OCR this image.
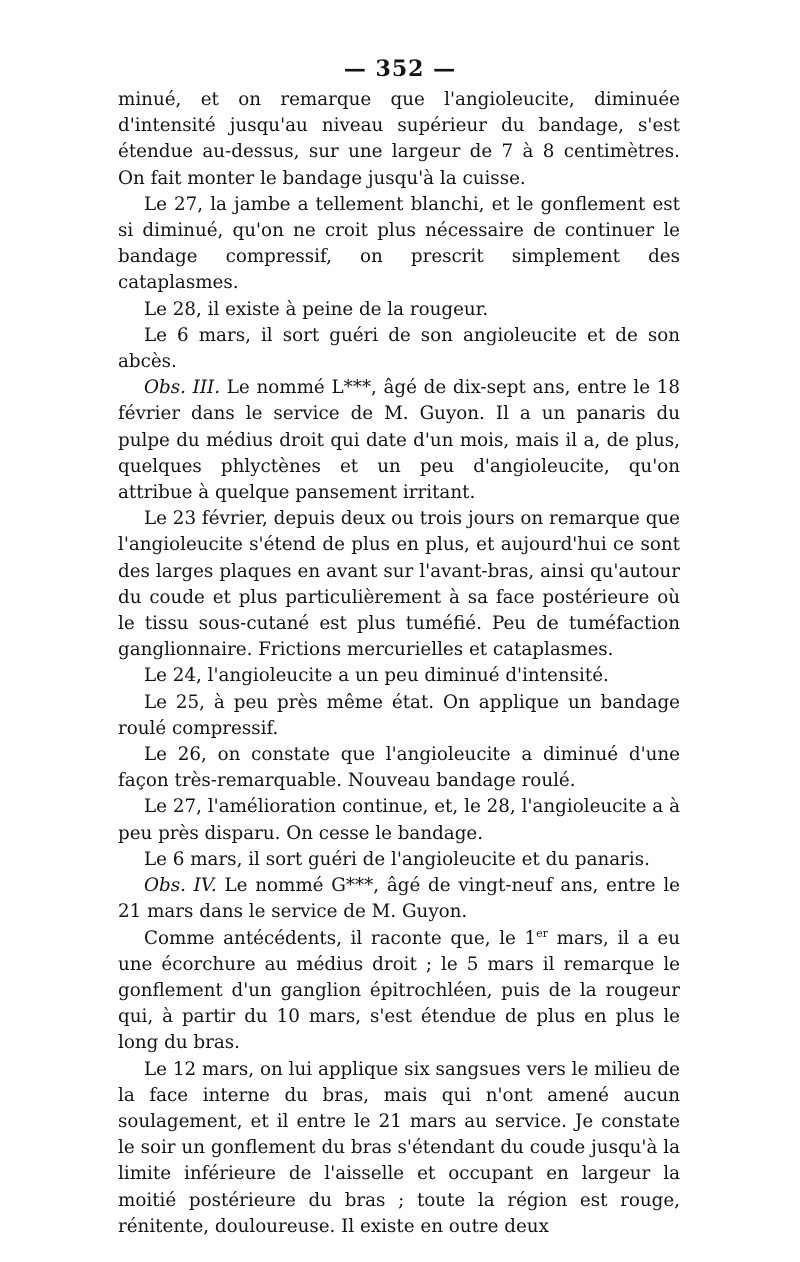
— 352 —

minué, et on remarque que l'angioleucite, diminuée d'intensité jusqu'au niveau supérieur du bandage, s'est étendue au-dessus, sur une largeur de 7 à 8 centimètres. On fait monter le bandage jusqu'à la cuisse.

Le 27, la jambe a tellement blanchi, et le gonflement est si diminué, qu'on ne croit plus nécessaire de continuer le bandage compressif, on prescrit simplement des cataplasmes.

Le 28, il existe à peine de la rougeur.

Le 6 mars, il sort guéri de son angioleucite et de son abcès.

Obs. III. Le nommé L***, âgé de dix-sept ans, entre le 18 février dans le service de M. Guyon. Il a un panaris du pulpe du médius droit qui date d'un mois, mais il a, de plus, quelques phlyctènes et un peu d'angioleucite, qu'on attribue à quelque pansement irritant.

Le 23 février, depuis deux ou trois jours on remarque que l'angioleucite s'étend de plus en plus, et aujourd'hui ce sont des larges plaques en avant sur l'avant-bras, ainsi qu'autour du coude et plus particulièrement à sa face postérieure où le tissu sous-cutané est plus tuméfié. Peu de tuméfaction ganglionnaire. Frictions mercurielles et cataplasmes.

Le 24, l'angioleucite a un peu diminué d'intensité.

Le 25, à peu près même état. On applique un bandage roulé compressif.

Le 26, on constate que l'angioleucite a diminué d'une façon très-remarquable. Nouveau bandage roulé.

Le 27, l'amélioration continue, et, le 28, l'angioleucite a à peu près disparu. On cesse le bandage.

Le 6 mars, il sort guéri de l'angioleucite et du panaris.

Obs. IV. Le nommé G***, âgé de vingt-neuf ans, entre le 21 mars dans le service de M. Guyon.

Comme antécédents, il raconte que, le 1er mars, il a eu une écorchure au médius droit ; le 5 mars il remarque le gonflement d'un ganglion épitrochléen, puis de la rougeur qui, à partir du 10 mars, s'est étendue de plus en plus le long du bras.

Le 12 mars, on lui applique six sangsues vers le milieu de la face interne du bras, mais qui n'ont amené aucun soulagement, et il entre le 21 mars au service. Je constate le soir un gonflement du bras s'étendant du coude jusqu'à la limite inférieure de l'aisselle et occupant en largeur la moitié postérieure du bras ; toute la région est rouge, rénitente, douloureuse. Il existe en outre deux
